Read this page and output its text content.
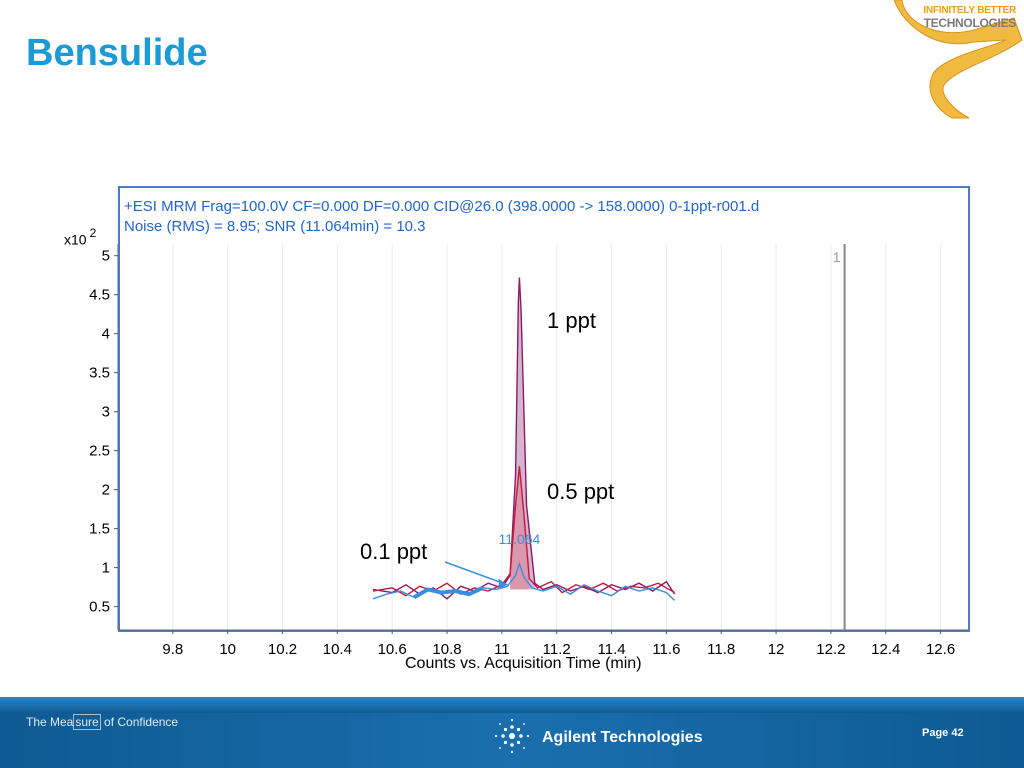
Bensulide
INFINITELY BETTER
TECHNOLOGIES
+ESI MRM Frag=100.0V CF=0.000 DF=0.000 CID@26.0 (398.0000 -> 158.0000) 0-1ppt-r001.d
Noise (RMS) = 8.95; SNR (11.064min) = 10.3
x10 $^2$
9.8 10 10.2 10.4 10.6 10.8 11 11.2 11.4 11.6 11.8 12 12.2 12.4 12.6
0.5
1
1.5
2
2.5
3
3.5
4
4.5
5	1
11.064
1 ppt
0.5 ppt
0.1 ppt
Counts vs. Acquisition Time (min)
The Mea sure of Confidence
Agilent Technologies	Page 42
